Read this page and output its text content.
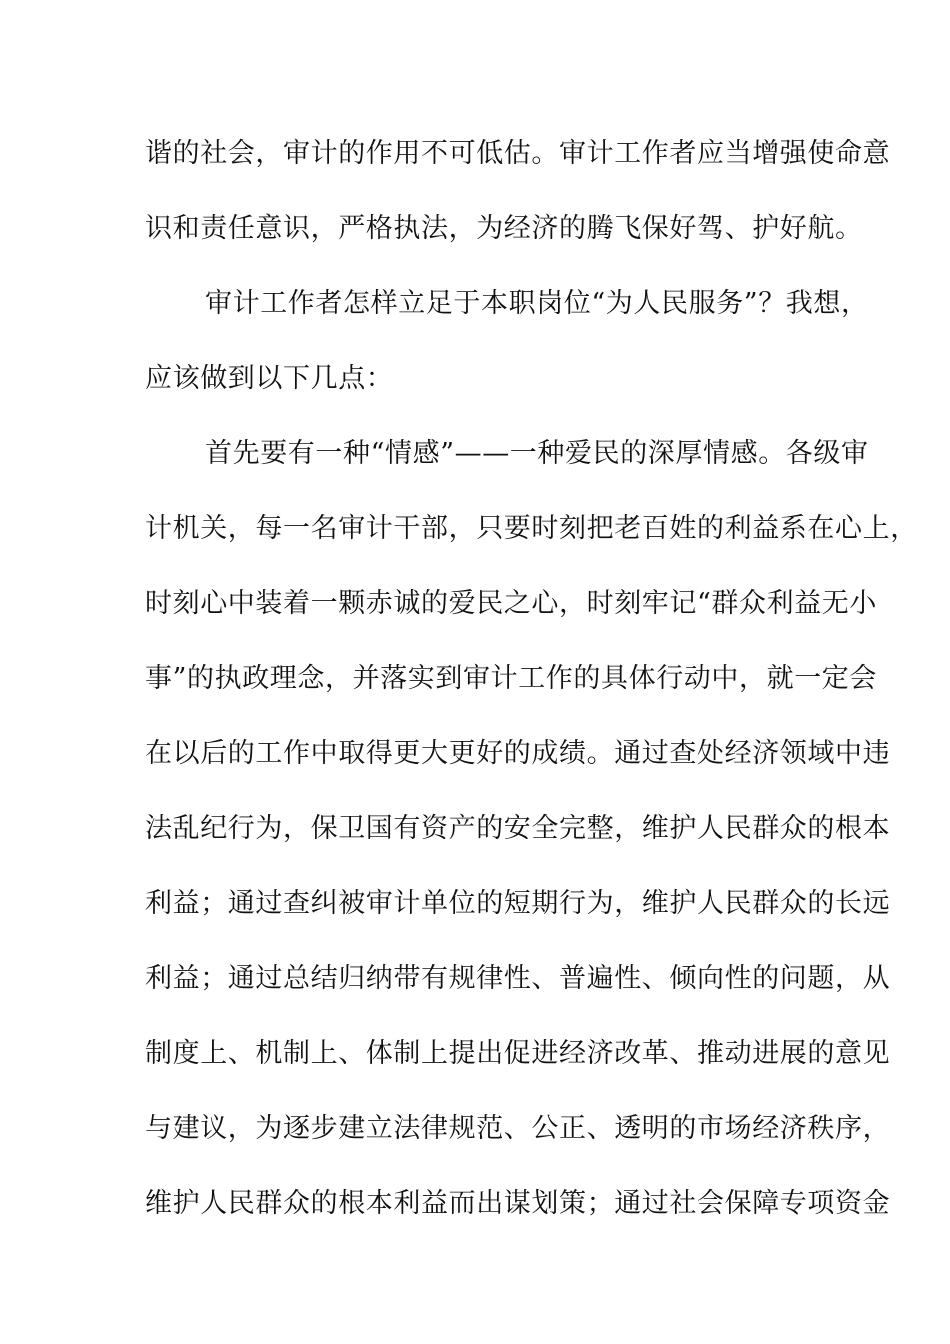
谐的社会，审计的作用不可低估。审计工作者应当增强使命意
识和责任意识，严格执法，为经济的腾飞保好驾、护好航。
审计工作者怎样立足于本职岗位“为人民服务”？我想，
应该做到以下几点：
首先要有一种“情感”——一种爱民的深厚情感。各级审
计机关，每一名审计干部，只要时刻把老百姓的利益系在心上，
时刻心中装着一颗赤诚的爱民之心，时刻牢记“群众利益无小
事”的执政理念，并落实到审计工作的具体行动中，就一定会
在以后的工作中取得更大更好的成绩。通过查处经济领域中违
法乱纪行为，保卫国有资产的安全完整，维护人民群众的根本
利益；通过查纠被审计单位的短期行为，维护人民群众的长远
利益；通过总结归纳带有规律性、普遍性、倾向性的问题，从
制度上、机制上、体制上提出促进经济改革、推动进展的意见
与建议，为逐步建立法律规范、公正、透明的市场经济秩序，
维护人民群众的根本利益而出谋划策；通过社会保障专项资金
